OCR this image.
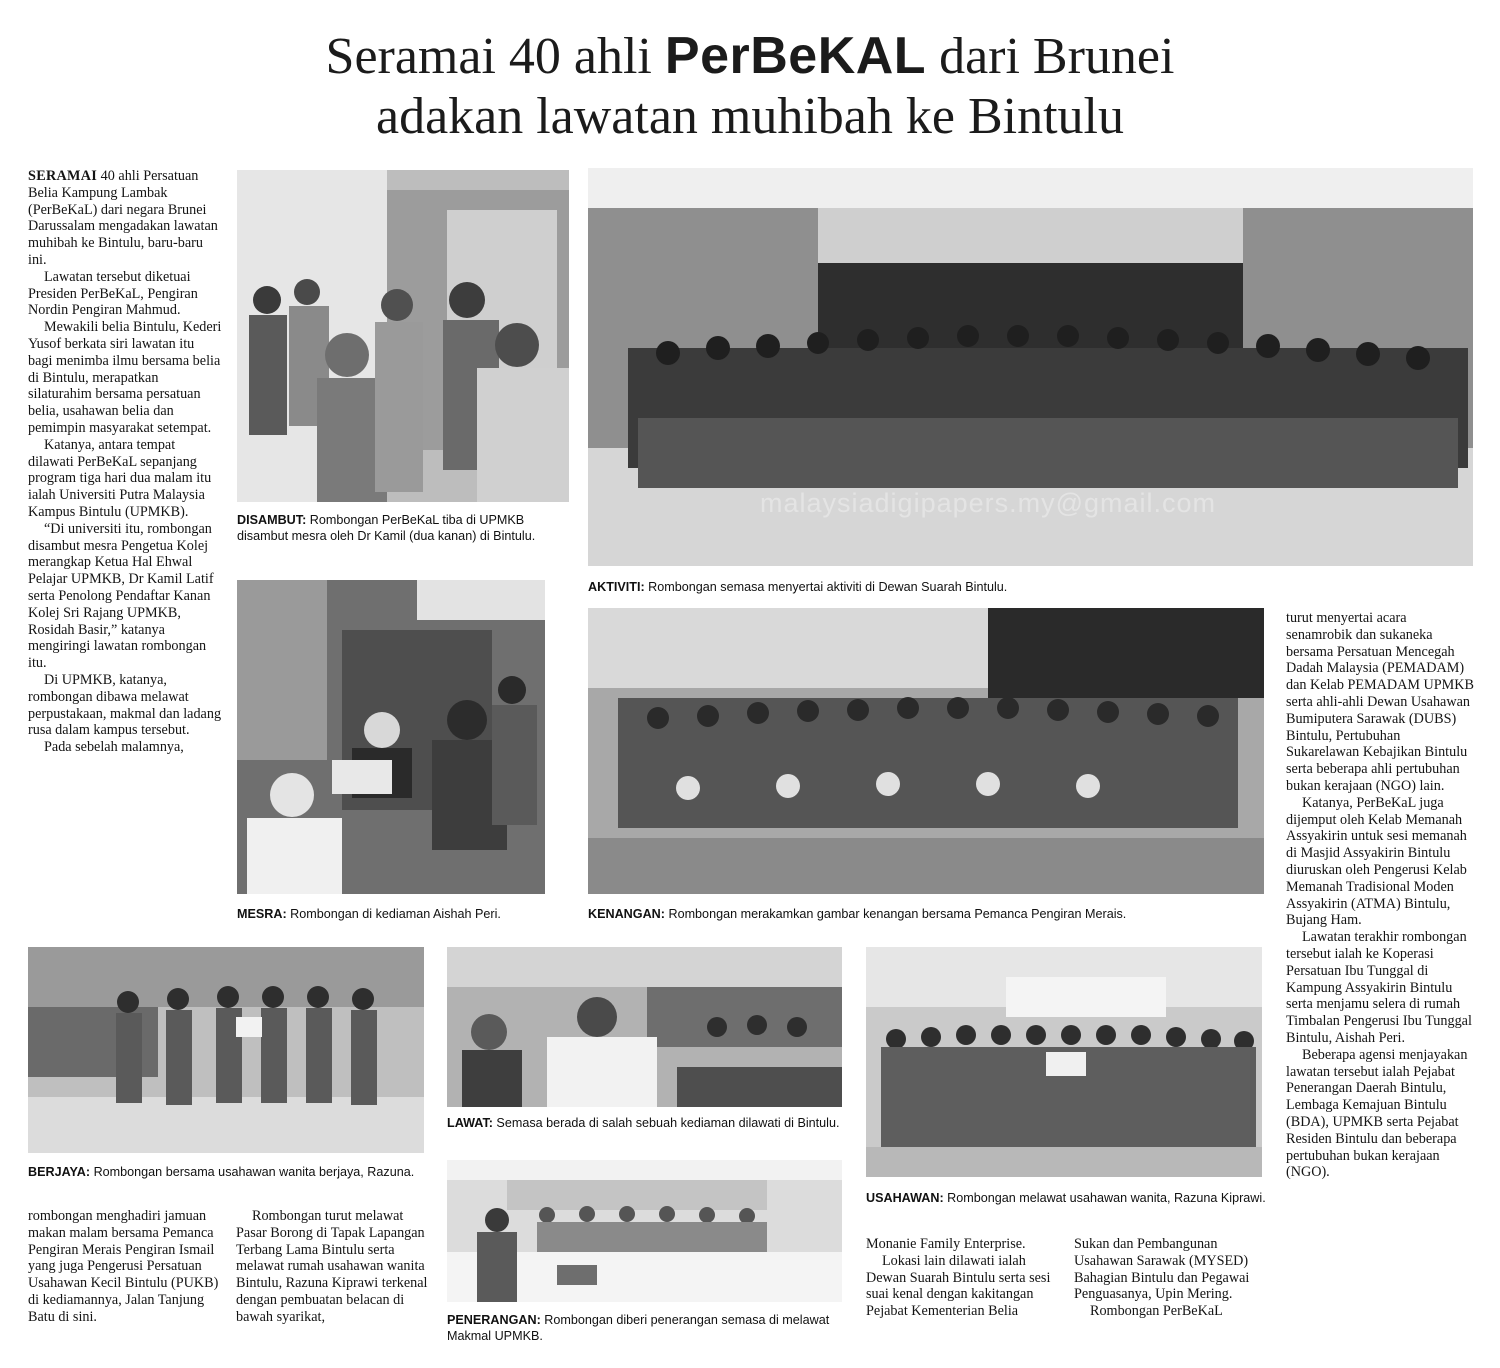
Seramai 40 ahli PerBeKAL dari Brunei
adakan lawatan muhibah ke Bintulu

SERAMAI 40 ahli Persatuan Belia Kampung Lambak (PerBeKaL) dari negara Brunei Darussalam mengadakan lawatan muhibah ke Bintulu, baru-baru ini.

Lawatan tersebut diketuai Presiden PerBeKaL, Pengiran Nordin Pengiran Mahmud.

Mewakili belia Bintulu, Kederi Yusof berkata siri lawatan itu bagi menimba ilmu bersama belia di Bintulu, merapatkan silaturahim bersama persatuan belia, usahawan belia dan pemimpin masyarakat setempat.

Katanya, antara tempat dilawati PerBeKaL sepanjang program tiga hari dua malam itu ialah Universiti Putra Malaysia Kampus Bintulu (UPMKB).

“Di universiti itu, rombongan disambut mesra Pengetua Kolej merangkap Ketua Hal Ehwal Pelajar UPMKB, Dr Kamil Latif serta Penolong Pendaftar Kanan Kolej Sri Rajang UPMKB, Rosidah Basir,” katanya mengiringi lawatan rombongan itu.

Di UPMKB, katanya, rombongan dibawa melawat perpustakaan, makmal dan ladang rusa dalam kampus tersebut.

Pada sebelah malamnya,

DISAMBUT: Rombongan PerBeKaL tiba di UPMKB disambut mesra oleh Dr Kamil (dua kanan) di Bintulu.
malaysiadigipapers.my@gmail.com
AKTIVITI: Rombongan semasa menyertai aktiviti di Dewan Suarah Bintulu.
MESRA: Rombongan di kediaman Aishah Peri.	KENANGAN: Rombongan merakamkan gambar kenangan bersama Pemanca Pengiran Merais.

turut menyertai acara senamrobik dan sukaneka bersama Persatuan Mencegah Dadah Malaysia (PEMADAM) dan Kelab PEMADAM UPMKB serta ahli-ahli Dewan Usahawan Bumiputera Sarawak (DUBS) Bintulu, Pertubuhan Sukarelawan Kebajikan Bintulu serta beberapa ahli pertubuhan bukan kerajaan (NGO) lain.

Katanya, PerBeKaL juga dijemput oleh Kelab Memanah Assyakirin untuk sesi memanah di Masjid Assyakirin Bintulu diuruskan oleh Pengerusi Kelab Memanah Tradisional Moden Assyakirin (ATMA) Bintulu, Bujang Ham.

Lawatan terakhir rombongan tersebut ialah ke Koperasi Persatuan Ibu Tunggal di Kampung Assyakirin Bintulu serta menjamu selera di rumah Timbalan Pengerusi Ibu Tunggal Bintulu, Aishah Peri.

Beberapa agensi menjayakan lawatan tersebut ialah Pejabat Penerangan Daerah Bintulu, Lembaga Kemajuan Bintulu (BDA), UPMKB serta Pejabat Residen Bintulu dan beberapa pertubuhan bukan kerajaan (NGO).

BERJAYA: Rombongan bersama usahawan wanita berjaya, Razuna.

rombongan menghadiri jamuan makan malam bersama Pemanca Pengiran Merais Pengiran Ismail yang juga Pengerusi Persatuan Usahawan Kecil Bintulu (PUKB) di kediamannya, Jalan Tanjung Batu di sini.

Rombongan turut melawat Pasar Borong di Tapak Lapangan Terbang Lama Bintulu serta melawat rumah usahawan wanita Bintulu, Razuna Kiprawi terkenal dengan pembuatan belacan di bawah syarikat,

LAWAT: Semasa berada di salah sebuah kediaman dilawati di Bintulu.
PENERANGAN: Rombongan diberi penerangan semasa di melawat Makmal UPMKB.
USAHAWAN: Rombongan melawat usahawan wanita, Razuna Kiprawi.

Monanie Family Enterprise.

Lokasi lain dilawati ialah Dewan Suarah Bintulu serta sesi suai kenal dengan kakitangan Pejabat Kementerian Belia

Sukan dan Pembangunan Usahawan Sarawak (MYSED) Bahagian Bintulu dan Pegawai Penguasanya, Upin Mering.

Rombongan PerBeKaL
